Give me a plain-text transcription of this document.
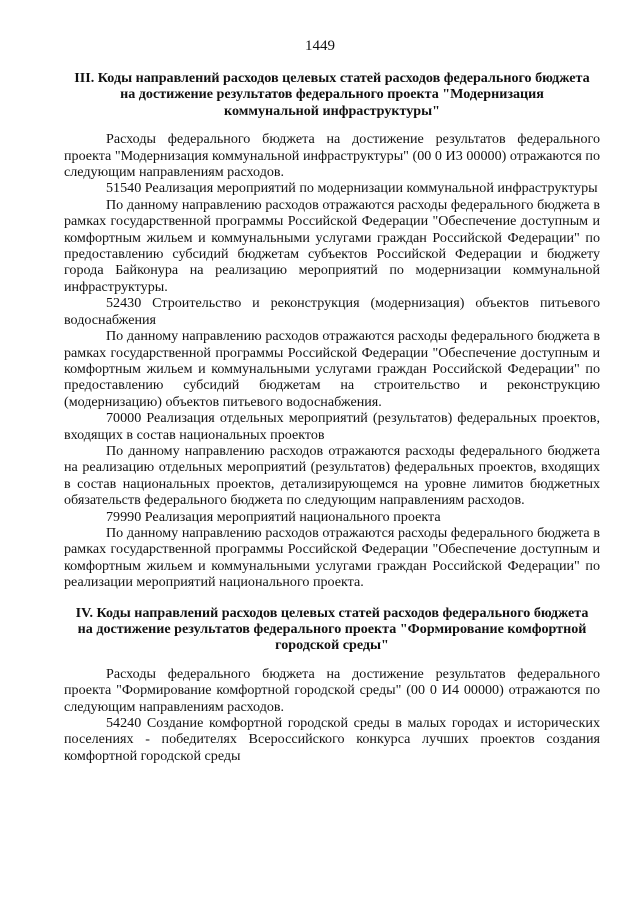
1449
III. Коды направлений расходов целевых статей расходов федерального бюджета на достижение результатов федерального проекта "Модернизация коммунальной инфраструктуры"

Расходы федерального бюджета на достижение результатов федерального проекта "Модернизация коммунальной инфраструктуры" (00 0 И3 00000) отражаются по следующим направлениям расходов.

51540 Реализация мероприятий по модернизации коммунальной инфраструктуры

По данному направлению расходов отражаются расходы федерального бюджета в рамках государственной программы Российской Федерации "Обеспечение доступным и комфортным жильем и коммунальными услугами граждан Российской Федерации" по предоставлению субсидий бюджетам субъектов Российской Федерации и бюджету города Байконура на реализацию мероприятий по модернизации коммунальной инфраструктуры.

52430 Строительство и реконструкция (модернизация) объектов питьевого водоснабжения

По данному направлению расходов отражаются расходы федерального бюджета в рамках государственной программы Российской Федерации "Обеспечение доступным и комфортным жильем и коммунальными услугами граждан Российской Федерации" по предоставлению субсидий бюджетам на строительство и реконструкцию (модернизацию) объектов питьевого водоснабжения.

70000 Реализация отдельных мероприятий (результатов) федеральных проектов, входящих в состав национальных проектов

По данному направлению расходов отражаются расходы федерального бюджета на реализацию отдельных мероприятий (результатов) федеральных проектов, входящих в состав национальных проектов, детализирующемся на уровне лимитов бюджетных обязательств федерального бюджета по следующим направлениям расходов.

79990 Реализация мероприятий национального проекта

По данному направлению расходов отражаются расходы федерального бюджета в рамках государственной программы Российской Федерации "Обеспечение доступным и комфортным жильем и коммунальными услугами граждан Российской Федерации" по реализации мероприятий национального проекта.

IV. Коды направлений расходов целевых статей расходов федерального бюджета на достижение результатов федерального проекта "Формирование комфортной городской среды"

Расходы федерального бюджета на достижение результатов федерального проекта "Формирование комфортной городской среды" (00 0 И4 00000) отражаются по следующим направлениям расходов.

54240 Создание комфортной городской среды в малых городах и исторических поселениях - победителях Всероссийского конкурса лучших проектов создания комфортной городской среды
